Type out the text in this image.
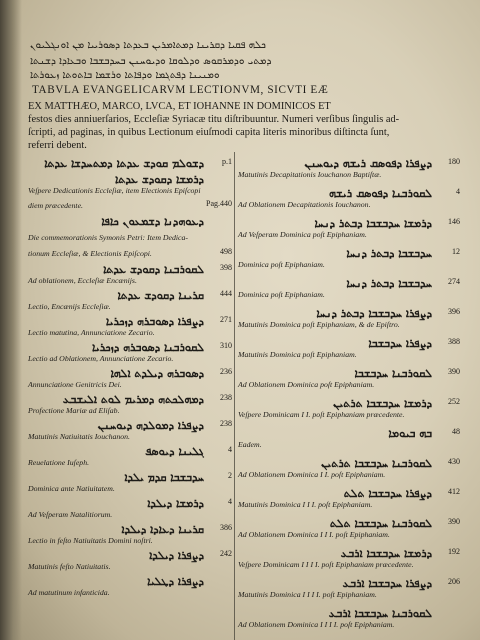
ܟܠܗ ܦܩܝܐ ܕܩܪܝܢܐ ܕܡܬܐܡܪܝܢ ܒܥܕܬܐ ܕܣܘܪܝܝܐ ܡܢ ܐܘܢܓܠܝܘܢ
ܕܡܬܝ ܘܕܡܪܩܘܣ ܘܕܠܘܩܐ ܘܕܝܘܚܢܢ ܒܚܕܒܫܒܐ ܘܒܥܐܕܐ ܕܫܢܬܐ
ܘܡܢܝܢܐ ܕܦܬܓܡܐ ܘܕܦܐܬܐ ܘܪܫܡܐ ܒܐܬܘܬܐ ܙܥܘܪܬܐ
TABVLA EVANGELICARVM LECTIONVM, SICVTI EÆ
EX MATTHÆO, MARCO, LVCA, ET IOHANNE IN DOMINICOS ET
festos dies anniuerſarios, Eccleſiæ Syriacæ titu diſtribuuntur. Numeri verſibus ſingulis ad-
ſcripti, ad paginas, in quibus Lectionum eiuſmodi capita literis minoribus diſtincta ſunt,
referri debent.
ܕܫܘܠܡ ܩܘܕܫ ܥܕܬܐ ܕܡܬܚܕܫܐ ܥܕܬܐ p.1
ܕܪܡܫܐ ܕܩܘܕܫ ܥܕܬܐ
Veſpere Dedicationis Eccleſiæ, item Electionis Epiſcopi
diem præcedente.	Pag.440
ܕܥܘܗܕܢܐ ܕܫܡܥܘܢ ܟܐܦܐ
Die commemorationis Symonis Petri: Item Dedica-
tionum Eccleſiæ, & Electionis Epiſcopi.	498
ܠܩܘܪܒܢܐ ܕܩܘܕܫ ܥܕܬܐ
Ad oblationem, Eccleſiæ Encænijs.
398
ܩܪܝܢܐ ܕܩܘܕܫ ܥܕܬܐ
Lectio, Encænijs Eccleſiæ.
444
ܕܨܦܪܐ ܕܣܘܒܪܗ ܕܙܟܪܝܐ
Lectio matutina, Annunciatione Zecario.
271
ܠܩܘܪܒܢܐ ܕܣܘܒܪܗ ܕܙܟܪܝܐ
Lectio ad Oblationem, Annunciatione Zecario.
310
ܕܣܘܒܪܗ ܕܝܠܕܬ ܐܠܗܐ
Annunciatione Genitricis Dei.
236
ܕܡܗܠܟܬܗ ܕܡܪܝܡ ܠܘܬ ܐܠܝܫܒܥ
Profectione Mariæ ad Eliſab.
238
ܕܨܦܪܐ ܕܡܘܠܕܗ ܕܝܘܚܢܢ
Matutinis Natiuitatis Iouchanon.
238
ܓܠܝܢܐ ܕܝܘܣܦ
Reuelatione Iuſeph.
4
ܚܕܒܫܒܐ ܩܕܡ ܝܠܕܐ
Dominica ante Natiuitatem.
2
ܕܪܡܫܐ ܕܝܠܕܐ
Ad Veſperam Natalitiorum.
4
ܩܪܝܢܐ ܕܥܐܕܐ ܕܝܠܕܐ
Lectio in feſto Natiuitatis Domini noſtri.
386
ܕܨܦܪܐ ܕܝܠܕܐ
Matutinis feſto Natiuitatis.
242
ܕܨܦܪܐ ܕܛܠܝܐ
Ad matutinum infanticida.
ܕܨܦܪܐ ܕܦܘܣܩ ܪܝܫܗ ܕܝܘܚܢܢ
Matutinis Decapitationis Iouchanon Baptiſtæ.
180
ܠܩܘܪܒܢܐ ܕܦܘܣܩ ܪܝܫܗ
Ad Oblationem Decapitationis Iouchanon.
4
ܕܪܡܫܐ ܚܕܒܫܒܐ ܕܒܬܪ ܕܢܚܐ
Ad Veſperam Dominica poſt Epiphaniam.
146
ܚܕܒܫܒܐ ܕܒܬܪ ܕܢܚܐ
Dominica poſt Epiphaniam.
12
ܚܕܒܫܒܐ ܕܒܬܪ ܕܢܚܐ
Dominica poſt Epiphaniam.
274
ܕܨܦܪܐ ܚܕܒܫܒܐ ܕܒܬܪ ܕܢܚܐ
Matutinis Dominica poſt Epiphaniam, & de Epiſtro.
396
ܕܨܦܪܐ ܚܕܒܫܒܐ
Matutinis Dominica poſt Epiphaniam.
388
ܠܩܘܪܒܢܐ ܚܕܒܫܒܐ
Ad Oblationem Dominica poſt Epiphaniam.
390
ܕܪܡܫܐ ܚܕܒܫܒܐ ܬܪܬܝܢ
Veſpere Dominicam I I. poſt Epiphaniam præcedente.
252
ܒܗ ܒܝܘܡܐ
Eadem.
48
ܠܩܘܪܒܢܐ ܚܕܒܫܒܐ ܬܪܬܝܢ
Ad Oblationem Dominica I I. poſt Epiphaniam.
430
ܕܨܦܪܐ ܚܕܒܫܒܐ ܬܠܬ
Matutinis Dominica I I I. poſt Epiphaniam.
412
ܠܩܘܪܒܢܐ ܚܕܒܫܒܐ ܬܠܬ
Ad Oblationem Dominica I I I. poſt Epiphaniam.
390
ܕܪܡܫܐ ܚܕܒܫܒܐ ܐܪܒܥ
Veſpere Dominicam I I I I. poſt Epiphaniam præcedente.
192
ܕܨܦܪܐ ܚܕܒܫܒܐ ܐܪܒܥ
Matutinis Dominica I I I I. poſt Epiphaniam.
206
ܠܩܘܪܒܢܐ ܚܕܒܫܒܐ ܐܪܒܥ
Ad Oblationem Dominica I I I I. poſt Epiphaniam.
